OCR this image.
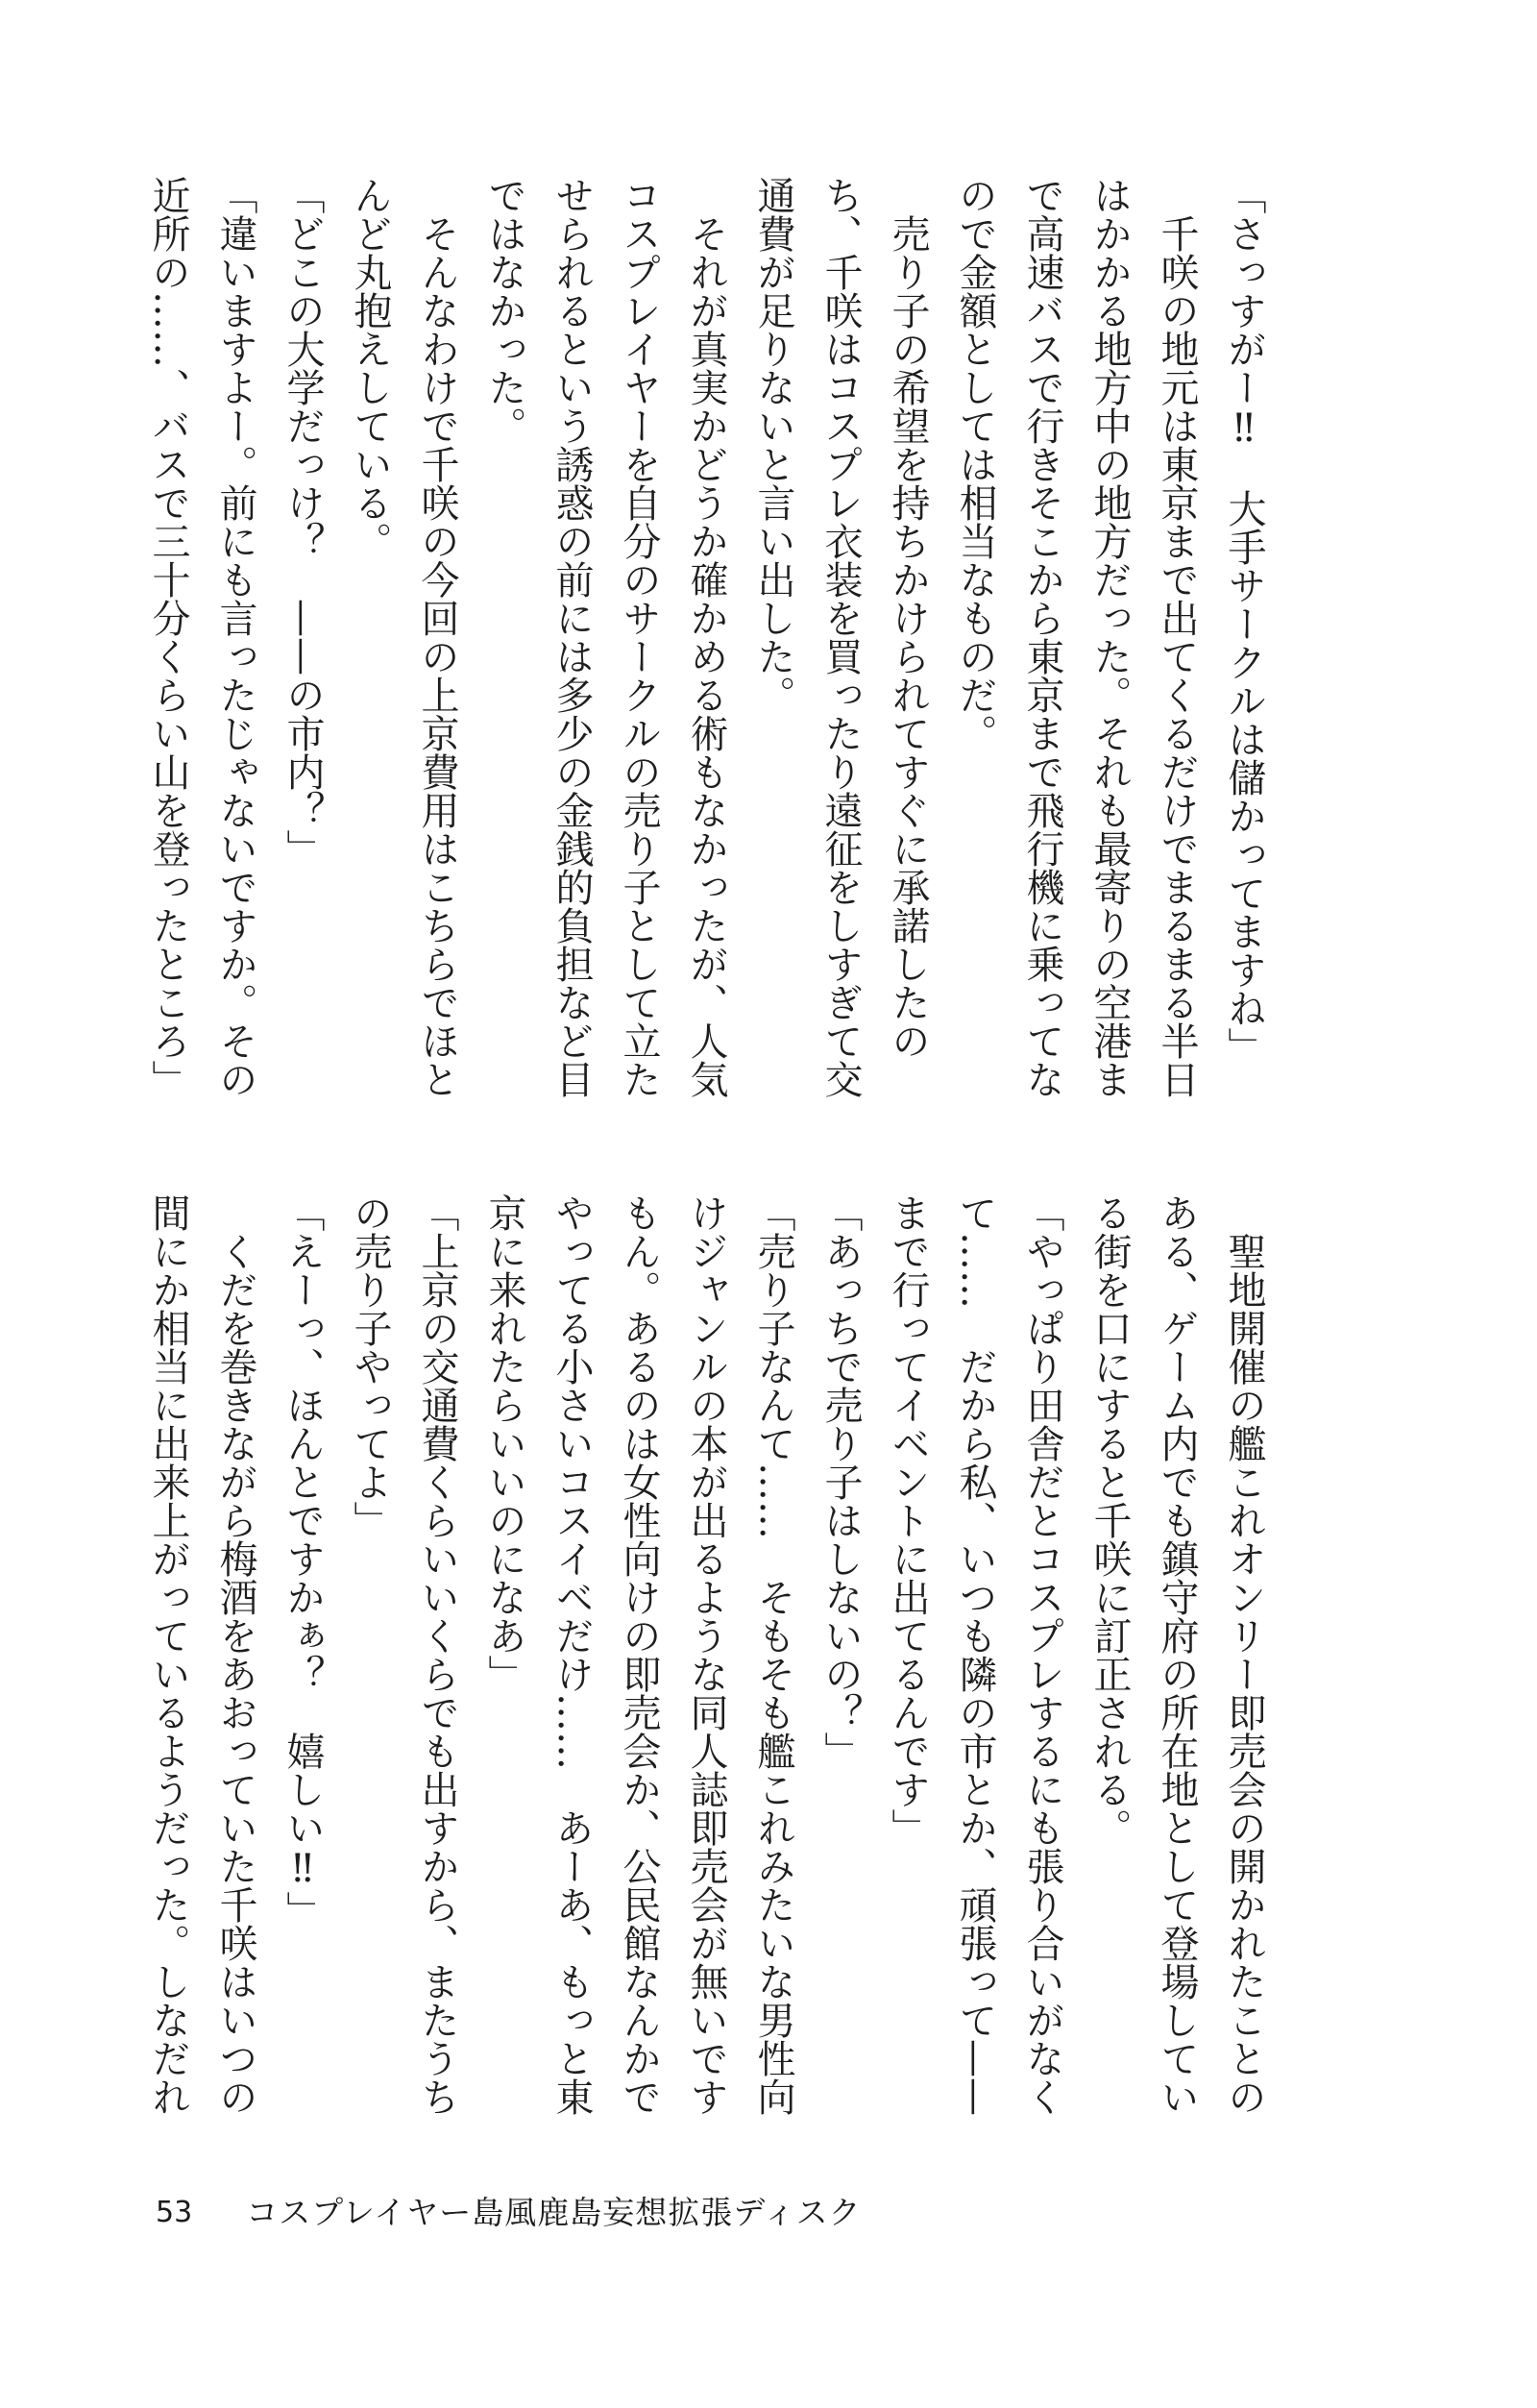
「さっすがー‼　大手サークルは儲かってますね」

　千咲の地元は東京まで出てくるだけでまるまる半日

はかかる地方中の地方だった。それも最寄りの空港ま

で高速バスで行きそこから東京まで飛行機に乗ってな

ので金額としては相当なものだ。

　売り子の希望を持ちかけられてすぐに承諾したの

ち、千咲はコスプレ衣装を買ったり遠征をしすぎて交

通費が足りないと言い出した。

　それが真実かどうか確かめる術もなかったが、人気

コスプレイヤーを自分のサークルの売り子として立た

せられるという誘惑の前には多少の金銭的負担など目

ではなかった。

　そんなわけで千咲の今回の上京費用はこちらでほと

んど丸抱えしている。

「どこの大学だっけ？　——の市内？」

「違いますよー。前にも言ったじゃないですか。その

近所の……、バスで三十分くらい山を登ったところ」

　聖地開催の艦これオンリー即売会の開かれたことの

ある、ゲーム内でも鎮守府の所在地として登場してい

る街を口にすると千咲に訂正される。

「やっぱり田舎だとコスプレするにも張り合いがなく

て……　だから私、いつも隣の市とか、頑張って——

まで行ってイベントに出てるんです」

「あっちで売り子はしないの？」

「売り子なんて……　そもそも艦これみたいな男性向

けジャンルの本が出るような同人誌即売会が無いです

もん。あるのは女性向けの即売会か、公民館なんかで

やってる小さいコスイベだけ……　あーあ、もっと東

京に来れたらいいのになあ」

「上京の交通費くらいいくらでも出すから、またうち

の売り子やってよ」

「えーっ、ほんとですかぁ？　嬉しい‼」

　くだを巻きながら梅酒をあおっていた千咲はいつの

間にか相当に出来上がっているようだった。しなだれ

53 コスプレイヤー島風鹿島妄想拡張ディスク
